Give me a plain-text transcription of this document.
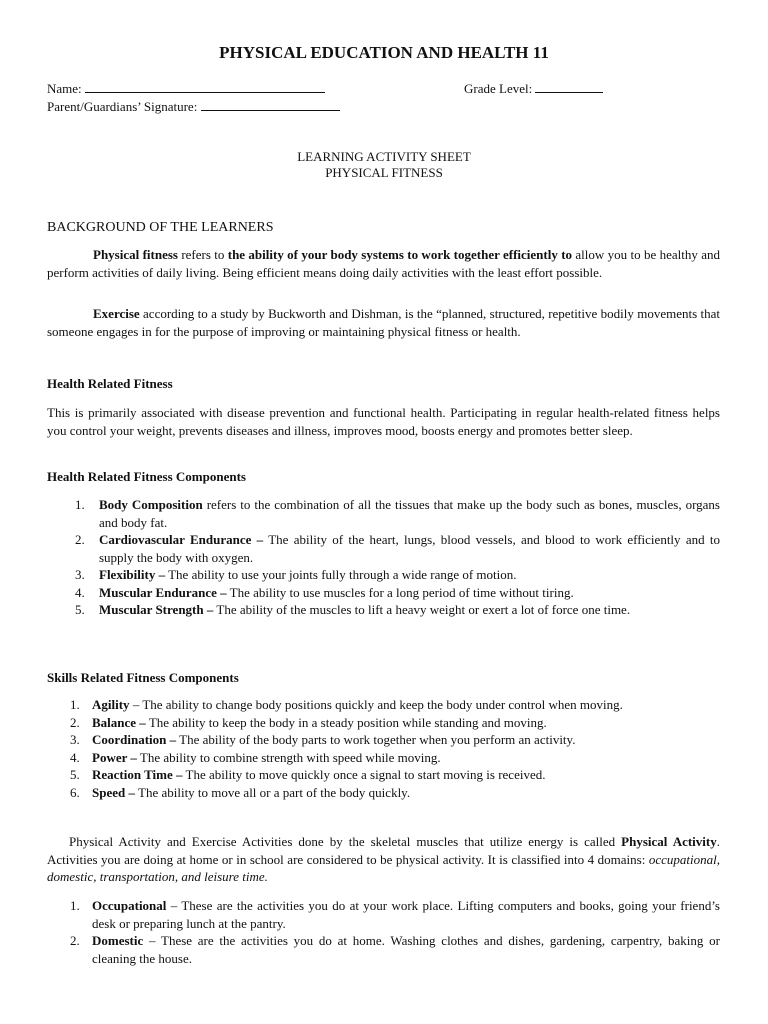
PHYSICAL EDUCATION AND HEALTH 11
Name:	Grade Level:
Parent/Guardians’ Signature:
LEARNING ACTIVITY SHEET
PHYSICAL FITNESS
BACKGROUND OF THE LEARNERS
Physical fitness refers to the ability of your body systems to work together efficiently to allow you to be healthy and perform activities of daily living. Being efficient means doing daily activities with the least effort possible.
Exercise according to a study by Buckworth and Dishman, is the “planned, structured, repetitive bodily movements that someone engages in for the purpose of improving or maintaining physical fitness or health.
Health Related Fitness
This is primarily associated with disease prevention and functional health. Participating in regular health-related fitness helps you control your weight, prevents diseases and illness, improves mood, boosts energy and promotes better sleep.
Health Related Fitness Components
1. Body Composition refers to the combination of all the tissues that make up the body such as bones, muscles, organs and body fat.
2. Cardiovascular Endurance – The ability of the heart, lungs, blood vessels, and blood to work efficiently and to supply the body with oxygen.
3. Flexibility – The ability to use your joints fully through a wide range of motion.
4. Muscular Endurance – The ability to use muscles for a long period of time without tiring.
5. Muscular Strength – The ability of the muscles to lift a heavy weight or exert a lot of force one time.
Skills Related Fitness Components
1. Agility – The ability to change body positions quickly and keep the body under control when moving.
2. Balance – The ability to keep the body in a steady position while standing and moving.
3. Coordination – The ability of the body parts to work together when you perform an activity.
4. Power – The ability to combine strength with speed while moving.
5. Reaction Time – The ability to move quickly once a signal to start moving is received.
6. Speed – The ability to move all or a part of the body quickly.
Physical Activity and Exercise Activities done by the skeletal muscles that utilize energy is called Physical Activity. Activities you are doing at home or in school are considered to be physical activity. It is classified into 4 domains: occupational, domestic, transportation, and leisure time.
1. Occupational – These are the activities you do at your work place. Lifting computers and books, going your friend’s desk or preparing lunch at the pantry.
2. Domestic – These are the activities you do at home. Washing clothes and dishes, gardening, carpentry, baking or cleaning the house.
